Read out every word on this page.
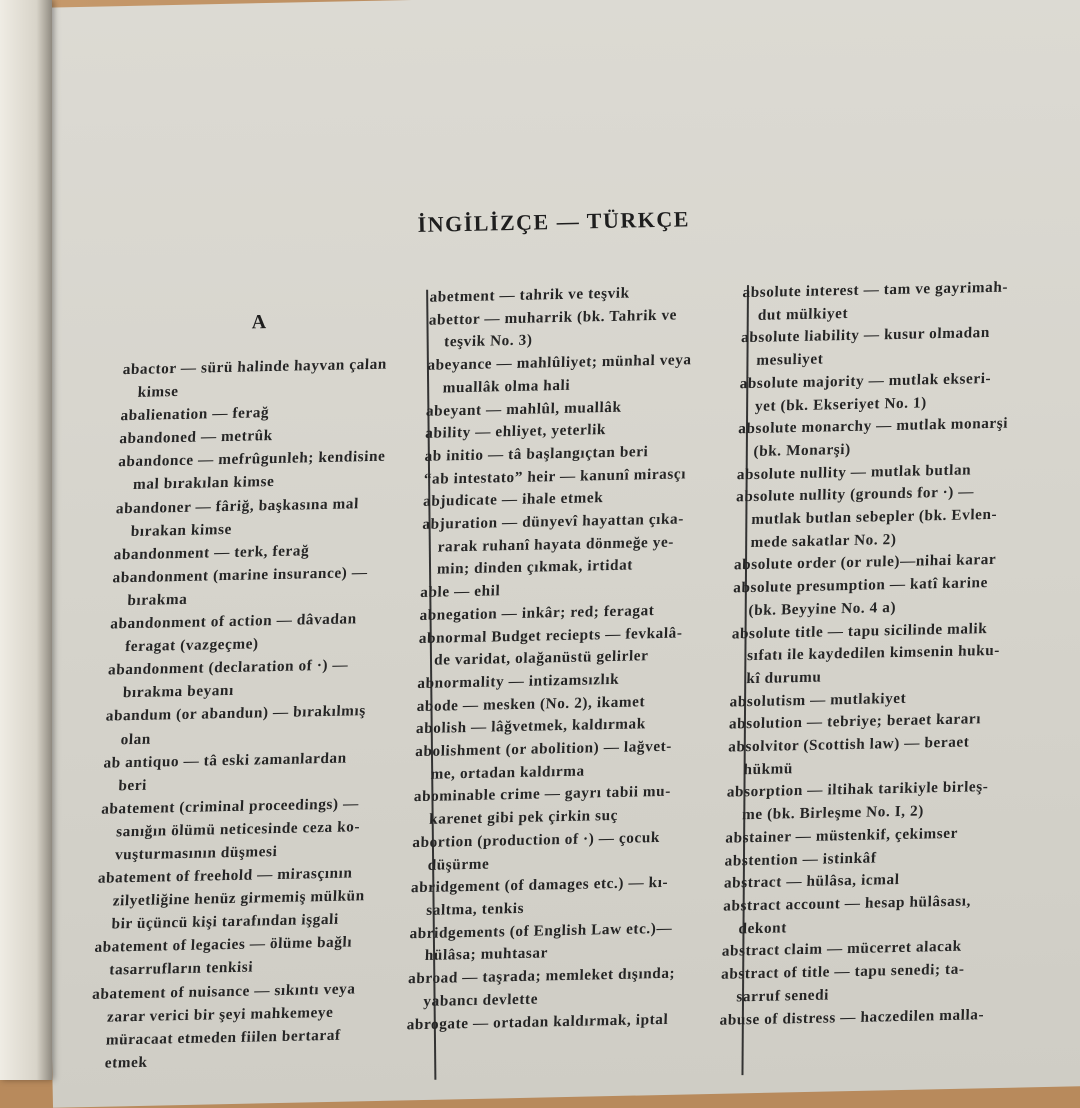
İNGİLİZÇE — TÜRKÇE
A
abactor — sürü halinde hayvan çalan
kimse
abalienation — ferağ
abandoned — metrûk
abandonce — mefrûgunleh; kendisine
mal bırakılan kimse
abandoner — fâriğ, başkasına mal
bırakan kimse
abandonment — terk, ferağ
abandonment (marine insurance) —
bırakma
abandonment of action — dâvadan
feragat (vazgeçme)
abandonment (declaration of ·) —
bırakma beyanı
abandum (or abandun) — bırakılmış
olan
ab antiquo — tâ eski zamanlardan
beri
abatement (criminal proceedings) —
sanığın ölümü neticesinde ceza ko-
vuşturmasının düşmesi
abatement of freehold — mirasçının
zilyetliğine henüz girmemiş mülkün
bir üçüncü kişi tarafından işgali
abatement of legacies — ölüme bağlı
tasarrufların tenkisi
abatement of nuisance — sıkıntı veya
zarar verici bir şeyi mahkemeye
müracaat etmeden fiilen bertaraf
etmek
abetment — tahrik ve teşvik
abettor — muharrik (bk. Tahrik ve
teşvik No. 3)
abeyance — mahlûliyet; münhal veya
muallâk olma hali
abeyant — mahlûl, muallâk
ability — ehliyet, yeterlik
ab initio — tâ başlangıçtan beri
“ab intestato” heir — kanunî mirasçı
abjudicate — ihale etmek
abjuration — dünyevî hayattan çıka-
rarak ruhanî hayata dönmeğe ye-
min; dinden çıkmak, irtidat
able — ehil
abnegation — inkâr; red; feragat
abnormal Budget reciepts — fevkalâ-
de varidat, olağanüstü gelirler
abnormality — intizamsızlık
abode — mesken (No. 2), ikamet
abolish — lâğvetmek, kaldırmak
abolishment (or abolition) — lağvet-
me, ortadan kaldırma
abominable crime — gayrı tabii mu-
karenet gibi pek çirkin suç
abortion (production of ·) — çocuk
düşürme
abridgement (of damages etc.) — kı-
saltma, tenkis
abridgements (of English Law etc.)—
hülâsa; muhtasar
abroad — taşrada; memleket dışında;
yabancı devlette
abrogate — ortadan kaldırmak, iptal
absolute interest — tam ve gayrimah-
dut mülkiyet
absolute liability — kusur olmadan
mesuliyet
absolute majority — mutlak ekseri-
yet (bk. Ekseriyet No. 1)
absolute monarchy — mutlak monarşi
(bk. Monarşi)
absolute nullity — mutlak butlan
absolute nullity (grounds for ·) —
mutlak butlan sebepler (bk. Evlen-
mede sakatlar No. 2)
absolute order (or rule)—nihai karar
absolute presumption — katî karine
(bk. Beyyine No. 4 a)
absolute title — tapu sicilinde malik
sıfatı ile kaydedilen kimsenin huku-
kî durumu
absolutism — mutlakiyet
absolution — tebriye; beraet kararı
absolvitor (Scottish law) — beraet
hükmü
absorption — iltihak tarikiyle birleş-
me (bk. Birleşme No. I, 2)
abstainer — müstenkif, çekimser
abstention — istinkâf
abstract — hülâsa, icmal
abstract account — hesap hülâsası,
dekont
abstract claim — mücerret alacak
abstract of title — tapu senedi; ta-
sarruf senedi
abuse of distress — haczedilen malla-
